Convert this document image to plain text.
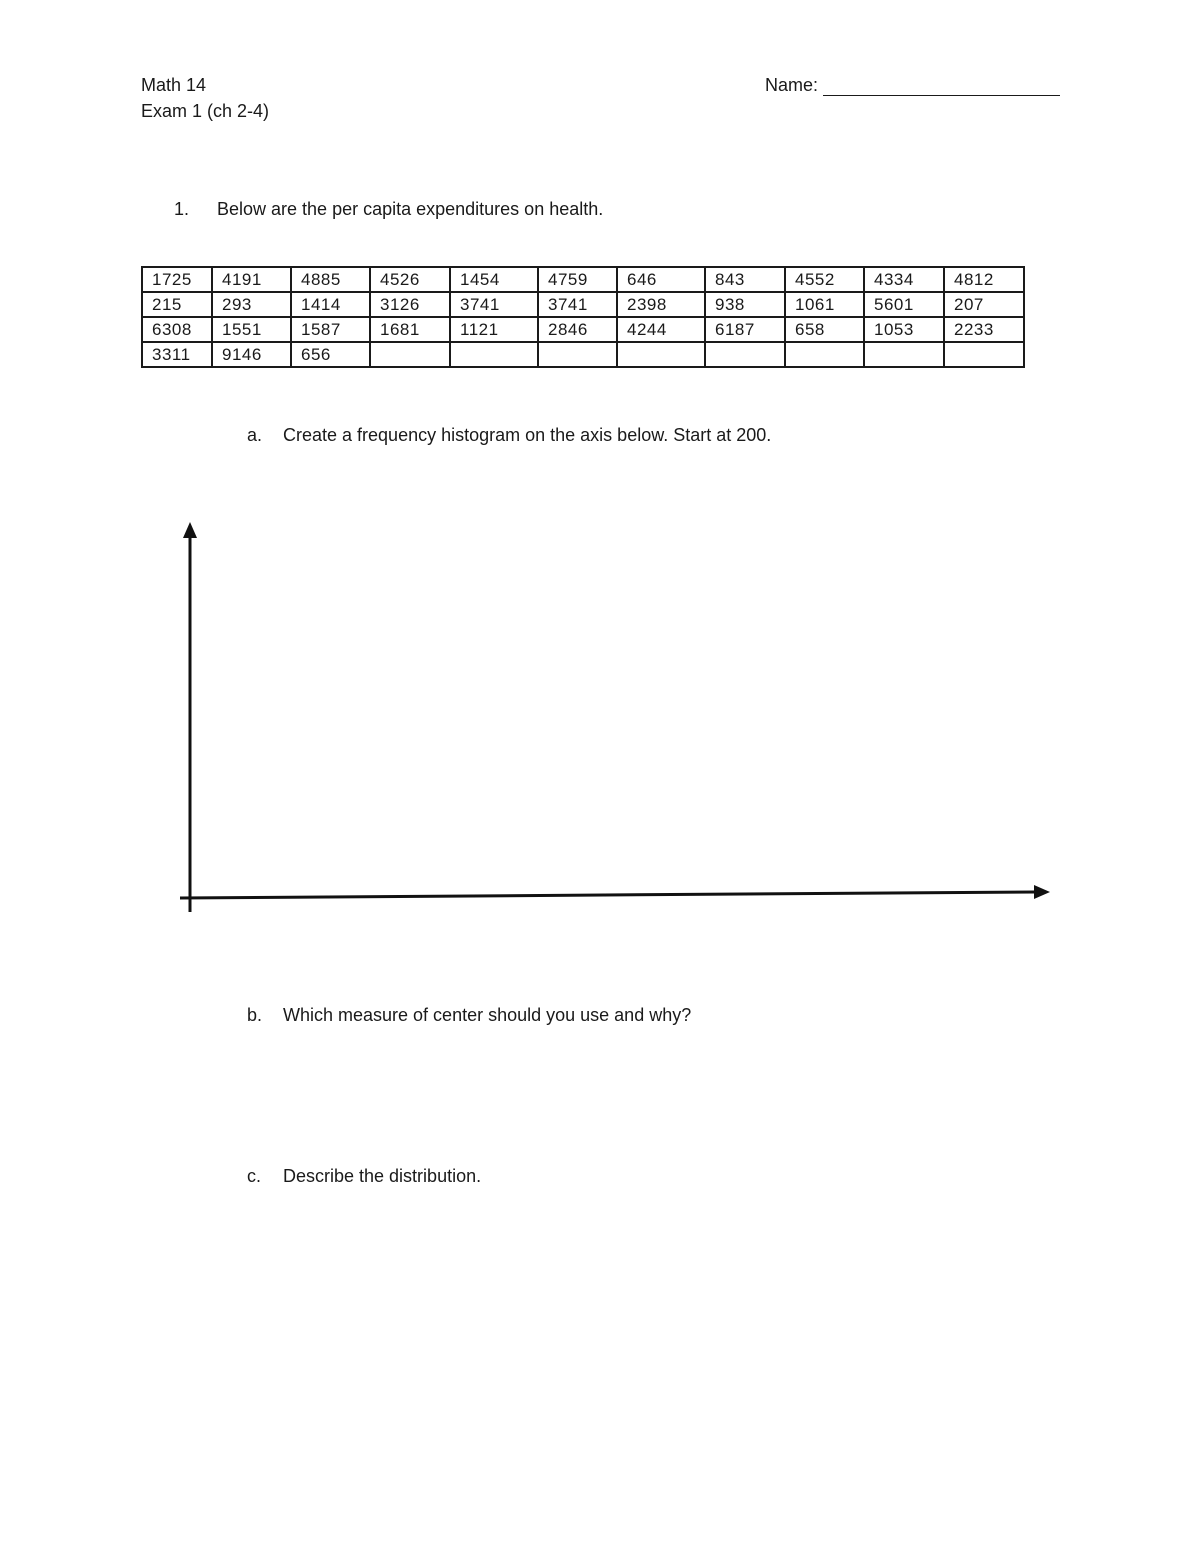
Math 14
Exam 1 (ch 2-4)
Name:
1. Below are the per capita expenditures on health.
1725	4191	4885	4526	1454	4759	646	843	4552	4334	4812
215	293	1414	3126	3741	3741	2398	938	1061	5601	207
6308	1551	1587	1681	1121	2846	4244	6187	658	1053	2233
3311	9146	656								
a. Create a frequency histogram on the axis below. Start at 200.
b. Which measure of center should you use and why?
c. Describe the distribution.
